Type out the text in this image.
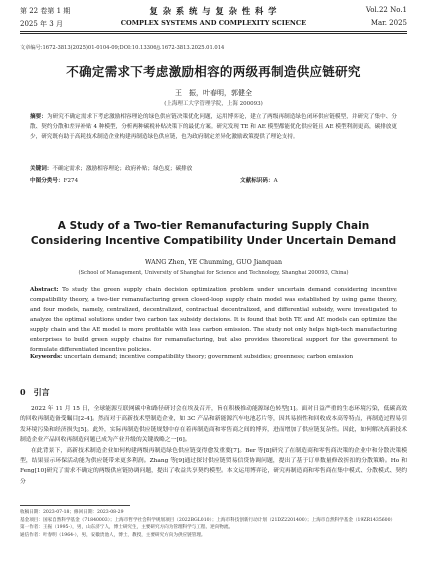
第 22 卷第 1 期	复 杂 系 统 与 复 杂 性 科 学	Vol.22 No.1
2025 年 3 月	COMPLEX SYSTEMS AND COMPLEXITY SCIENCE	Mar. 2025
文章编号:1672-3813(2025)01-0104-09;DOI:10.13306/j.1672-3813.2025.01.014
不确定需求下考虑激励相容的两级再制造供应链研究
王　振，叶春明，郭健全
(上海理工大学管理学院，上海 200093)
摘要：为研究不确定需求下考虑激励相容理论的绿色供应链决策优化问题，运用博弈论，建立了两级再制造绿色闭环供应链模型，并研究了集中、分散、契约分散和差异补贴 4 种模型，分析两种碳税补贴决策下的最优方案。研究发现 TE 和 AE 模型都能优化供应链且 AE 模型利润更高，碳排放更少，研究既有助于高耗技术制造企业构建再制造绿色供应链，也为政府制定差异化激励政策提供了理论支持。
关键词：不确定需求；激励相容理论；政府补贴；绿色度；碳排放
中图分类号：F274	文献标识码：A
A Study of a Two-tier Remanufacturing Supply Chain Considering Incentive Compatibility Under Uncertain Demand
WANG Zhen, YE Chunming, GUO Jianquan
(School of Management, University of Shanghai for Science and Technology, Shanghai 200093, China)
Abstract: To study the green supply chain decision optimization problem under uncertain demand considering incentive compatibility theory, a two-tier remanufacturing green closed-loop supply chain model was established by using game theory, and four models, namely, centralized, decentralized, contractual decentralized, and differential subsidy, were investigated to analyze the optimal solutions under two carbon tax subsidy decisions. It is found that both TE and AE models can optimize the supply chain and the AE model is more profitable with less carbon emission. The study not only helps high-tech manufacturing enterprises to build green supply chains for remanufacturing, but also provides theoretical support for the government to formulate differentiated incentive policies.
Keywords: uncertain demand; incentive compatibility theory; government subsidies; greenness; carbon emission
0　引言
2022 年 11 月 15 日，全球能源互联网碳中和路径研讨会在埃及召开，旨在积极推动能源绿色转型[1]。面对日益严重的生态环境污染，低碳高效的回收再制造备受瞩目[2-4]。然而对于高新技术型制造企业，如 3C 产品和新能源汽车电池芯片等，因其易损性和回收成本高等特点，再制造过程易引发环境污染和经济损失[5]。此外，实际再制造供应链规划中存在着再制造商和零售商之间的博弈，进而增加了供应链复杂性。因此，如何解决高新技术制造企业产品回收再制造问题已成为产业升级的关键战略之一[6]。
在此背景下，高新技术制造企业如何构建两级再制造绿色供应链变得愈发重要[7]。Ber 等[8]研究了在制造商和零售商决策的企业中和分散决策模型，结果显示环保活动能为供应链带来更多利润。Zhang 等[9]通过探讨供应链贸易信贷协调问题，提出了基于订单数量修改折扣的分散策略。Ho 和 Feng[10]研究了需求不确定的两级供应链协调问题，提出了收益共享契约模型。本文运用博弈论，研究再制造商和零售商在集中模式、分散模式、契约分
收稿日期：2023-07-18；修回日期：2023-08-29
基金项目：国家自然科学基金（71840003）；上海市哲学社会科学规划项目（2022BGL010）；上海市科技创新行动计划（21DZ2201400）；上海市自然科学基金（19ZR1435600）
第一作者：王振（1995-），男，山东济宁人，博士研究生，主要研究方向为管理科学与工程、逆向物流。
通信作者：叶春明（1964-），男，安徽贵池人，博士，教授，主要研究方向为供应链管理。
